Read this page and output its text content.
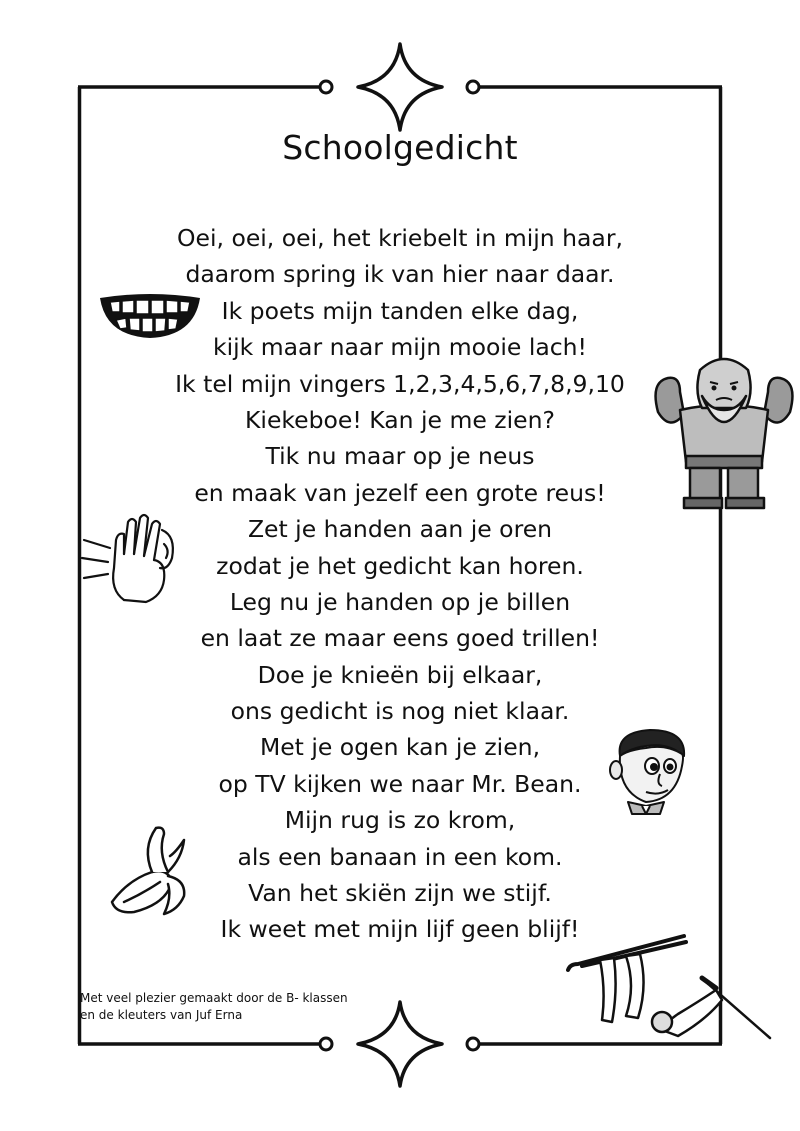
Schoolgedicht
Oei, oei, oei, het kriebelt in mijn haar,
daarom spring ik van hier naar daar.
Ik poets mijn tanden elke dag,
kijk maar naar mijn mooie lach!
Ik tel mijn vingers 1,2,3,4,5,6,7,8,9,10
Kiekeboe! Kan je me zien?
Tik nu maar op je neus
en maak van jezelf een grote reus!
Zet je handen aan je oren
zodat je het gedicht kan horen.
Leg nu je handen op je billen
en laat ze maar eens goed trillen!
Doe je knieën bij elkaar,
ons gedicht is nog niet klaar.
Met je ogen kan je zien,
op TV kijken we naar Mr. Bean.
Mijn rug is zo krom,
als een banaan in een kom.
Van het skiën zijn we stijf.
Ik weet met mijn lijf geen blijf!
Met veel plezier gemaakt door de B- klassen
en de kleuters van Juf Erna
